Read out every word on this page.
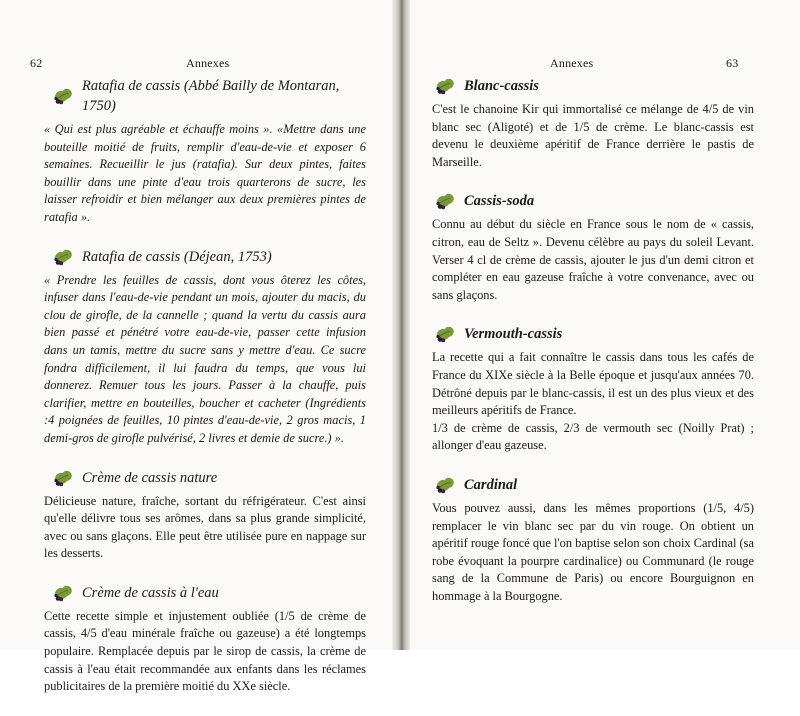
62	Annexes
Ratafia de cassis (Abbé Bailly de Montaran, 1750)

« Qui est plus agréable et échauffe moins ». «Mettre dans une bouteille moitié de fruits, remplir d'eau-de-vie et exposer 6 semaines. Recueillir le jus (ratafia). Sur deux pintes, faites bouillir dans une pinte d'eau trois quarterons de sucre, les laisser refroidir et bien mélanger aux deux premières pintes de ratafia ».

Ratafia de cassis (Déjean, 1753)

« Prendre les feuilles de cassis, dont vous ôterez les côtes, infuser dans l'eau-de-vie pendant un mois, ajouter du macis, du clou de girofle, de la cannelle ; quand la vertu du cassis aura bien passé et pénétré votre eau-de-vie, passer cette infusion dans un tamis, mettre du sucre sans y mettre d'eau. Ce sucre fondra difficilement, il lui faudra du temps, que vous lui donnerez. Remuer tous les jours. Passer à la chauffe, puis clarifier, mettre en bouteilles, boucher et cacheter (Ingrédients :4 poignées de feuilles, 10 pintes d'eau-de-vie, 2 gros macis, 1 demi-gros de girofle pulvérisé, 2 livres et demie de sucre.) ».

Crème de cassis nature

Délicieuse nature, fraîche, sortant du réfrigérateur. C'est ainsi qu'elle délivre tous ses arômes, dans sa plus grande simplicité, avec ou sans glaçons. Elle peut être utilisée pure en nappage sur les desserts.

Crème de cassis à l'eau

Cette recette simple et injustement oubliée (1/5 de crème de cassis, 4/5 d'eau minérale fraîche ou gazeuse) a été longtemps populaire. Remplacée depuis par le sirop de cassis, la crème de cassis à l'eau était recommandée aux enfants dans les réclames publicitaires de la première moitié du XXe siècle.

Annexes	63
Blanc-cassis

C'est le chanoine Kir qui immortalisé ce mélange de 4/5 de vin blanc sec (Aligoté) et de 1/5 de crème. Le blanc-cassis est devenu le deuxième apéritif de France derrière le pastis de Marseille.

Cassis-soda

Connu au début du siècle en France sous le nom de « cassis, citron, eau de Seltz ». Devenu célèbre au pays du soleil Levant. Verser 4 cl de crème de cassis, ajouter le jus d'un demi citron et compléter en eau gazeuse fraîche à votre convenance, avec ou sans glaçons.

Vermouth-cassis

La recette qui a fait connaître le cassis dans tous les cafés de France du XIXe siècle à la Belle époque et jusqu'aux années 70. Détrôné depuis par le blanc-cassis, il est un des plus vieux et des meilleurs apéritifs de France.

1/3 de crème de cassis, 2/3 de vermouth sec (Noilly Prat) ; allonger d'eau gazeuse.

Cardinal

Vous pouvez aussi, dans les mêmes proportions (1/5, 4/5) remplacer le vin blanc sec par du vin rouge. On obtient un apéritif rouge foncé que l'on baptise selon son choix Cardinal (sa robe évoquant la pourpre cardinalice) ou Communard (le rouge sang de la Commune de Paris) ou encore Bourguignon en hommage à la Bourgogne.
